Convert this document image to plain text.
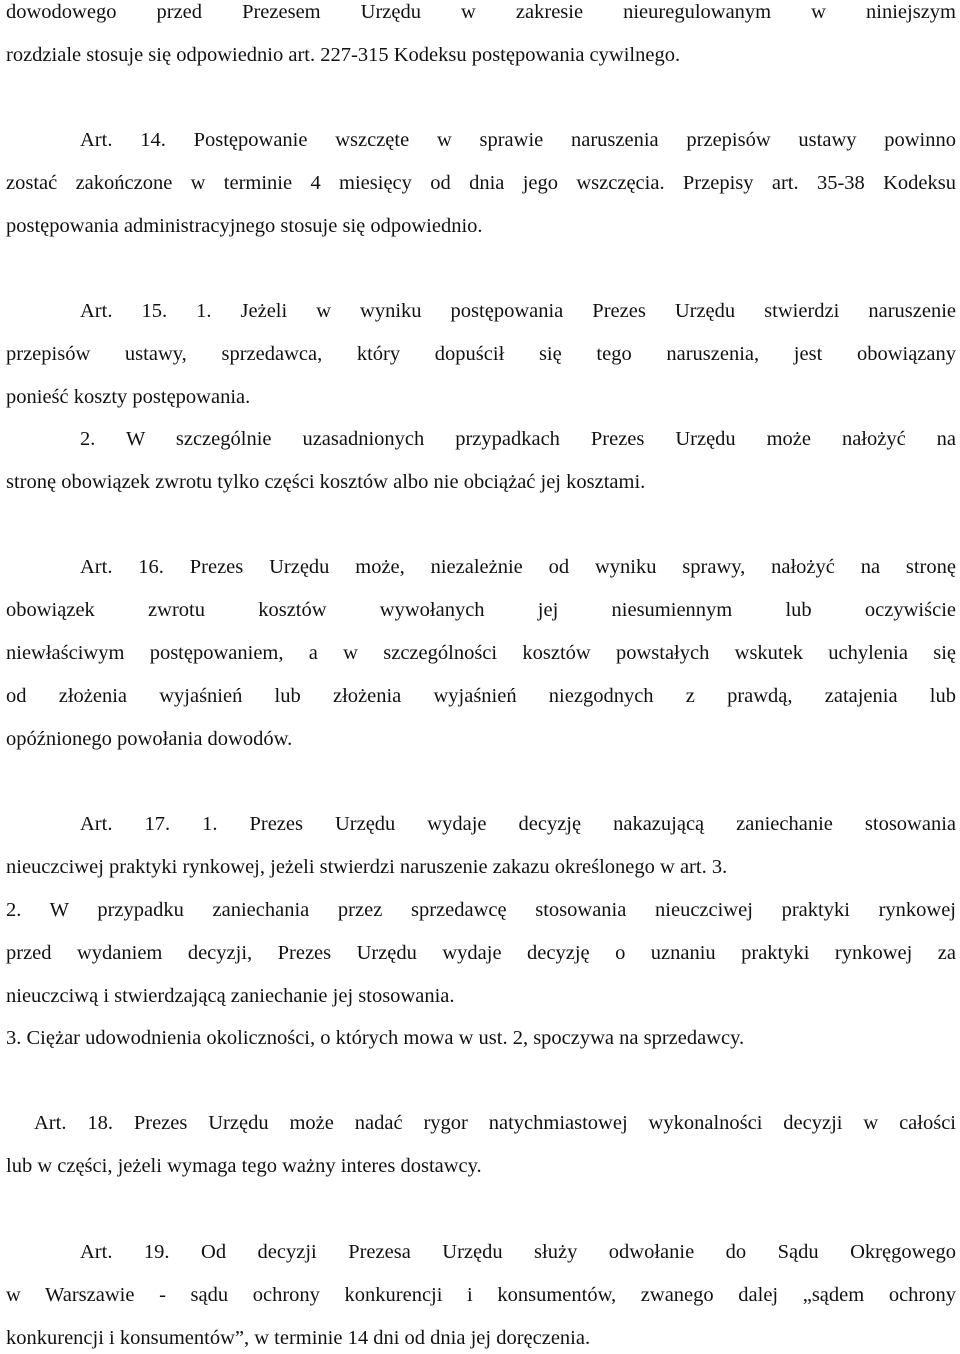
dowodowego przed Prezesem Urzędu w zakresie nieuregulowanym w niniejszym
rozdziale stosuje się odpowiednio art. 227-315 Kodeksu postępowania cywilnego.
Art. 14. Postępowanie wszczęte w sprawie naruszenia przepisów ustawy powinno
zostać zakończone w terminie 4 miesięcy od dnia jego wszczęcia. Przepisy art. 35-38 Kodeksu
postępowania administracyjnego stosuje się odpowiednio.
Art. 15. 1. Jeżeli w wyniku postępowania Prezes Urzędu stwierdzi naruszenie
przepisów ustawy, sprzedawca, który dopuścił się tego naruszenia, jest obowiązany
ponieść koszty postępowania.
2. W szczególnie uzasadnionych przypadkach Prezes Urzędu może nałożyć na
stronę obowiązek zwrotu tylko części kosztów albo nie obciążać jej kosztami.
Art. 16. Prezes Urzędu może, niezależnie od wyniku sprawy, nałożyć na stronę
obowiązek zwrotu kosztów wywołanych jej niesumiennym lub oczywiście
niewłaściwym postępowaniem, a w szczególności kosztów powstałych wskutek uchylenia się
od złożenia wyjaśnień lub złożenia wyjaśnień niezgodnych z prawdą, zatajenia lub
opóźnionego powołania dowodów.
Art. 17. 1. Prezes Urzędu wydaje decyzję nakazującą zaniechanie stosowania
nieuczciwej praktyki rynkowej, jeżeli stwierdzi naruszenie zakazu określonego w art. 3.
2. W przypadku zaniechania przez sprzedawcę stosowania nieuczciwej praktyki rynkowej
przed wydaniem decyzji, Prezes Urzędu wydaje decyzję o uznaniu praktyki rynkowej za
nieuczciwą i stwierdzającą zaniechanie jej stosowania.
3. Ciężar udowodnienia okoliczności, o których mowa w ust. 2, spoczywa na sprzedawcy.
Art. 18. Prezes Urzędu może nadać rygor natychmiastowej wykonalności decyzji w całości
lub w części, jeżeli wymaga tego ważny interes dostawcy.
Art. 19. Od decyzji Prezesa Urzędu służy odwołanie do Sądu Okręgowego
w Warszawie - sądu ochrony konkurencji i konsumentów, zwanego dalej „sądem ochrony
konkurencji i konsumentów”, w terminie 14 dni od dnia jej doręczenia.
